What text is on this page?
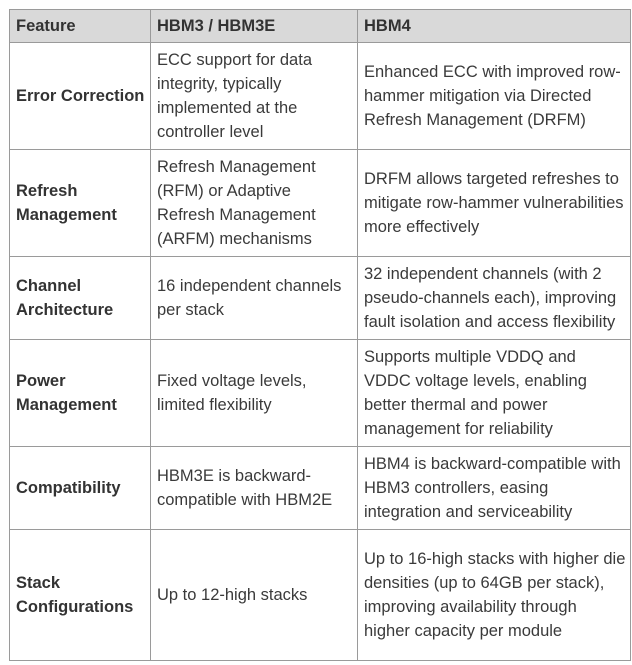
Feature	HBM3 / HBM3E	HBM4
Error Correction	ECC support for data integrity, typically implemented at the controller level	Enhanced ECC with improved row-hammer mitigation via Directed Refresh Management (DRFM)
Refresh Management	Refresh Management (RFM) or Adaptive Refresh Management (ARFM) mechanisms	DRFM allows targeted refreshes to mitigate row-hammer vulnerabilities more effectively
Channel Architecture	16 independent channels per stack	32 independent channels (with 2 pseudo-channels each), improving fault isolation and access flexibility
Power Management	Fixed voltage levels, limited flexibility	Supports multiple VDDQ and VDDC voltage levels, enabling better thermal and power management for reliability
Compatibility	HBM3E is backward-compatible with HBM2E	HBM4 is backward-compatible with HBM3 controllers, easing integration and serviceability
Stack Configurations	Up to 12-high stacks	Up to 16-high stacks with higher die densities (up to 64GB per stack), improving availability through higher capacity per module
